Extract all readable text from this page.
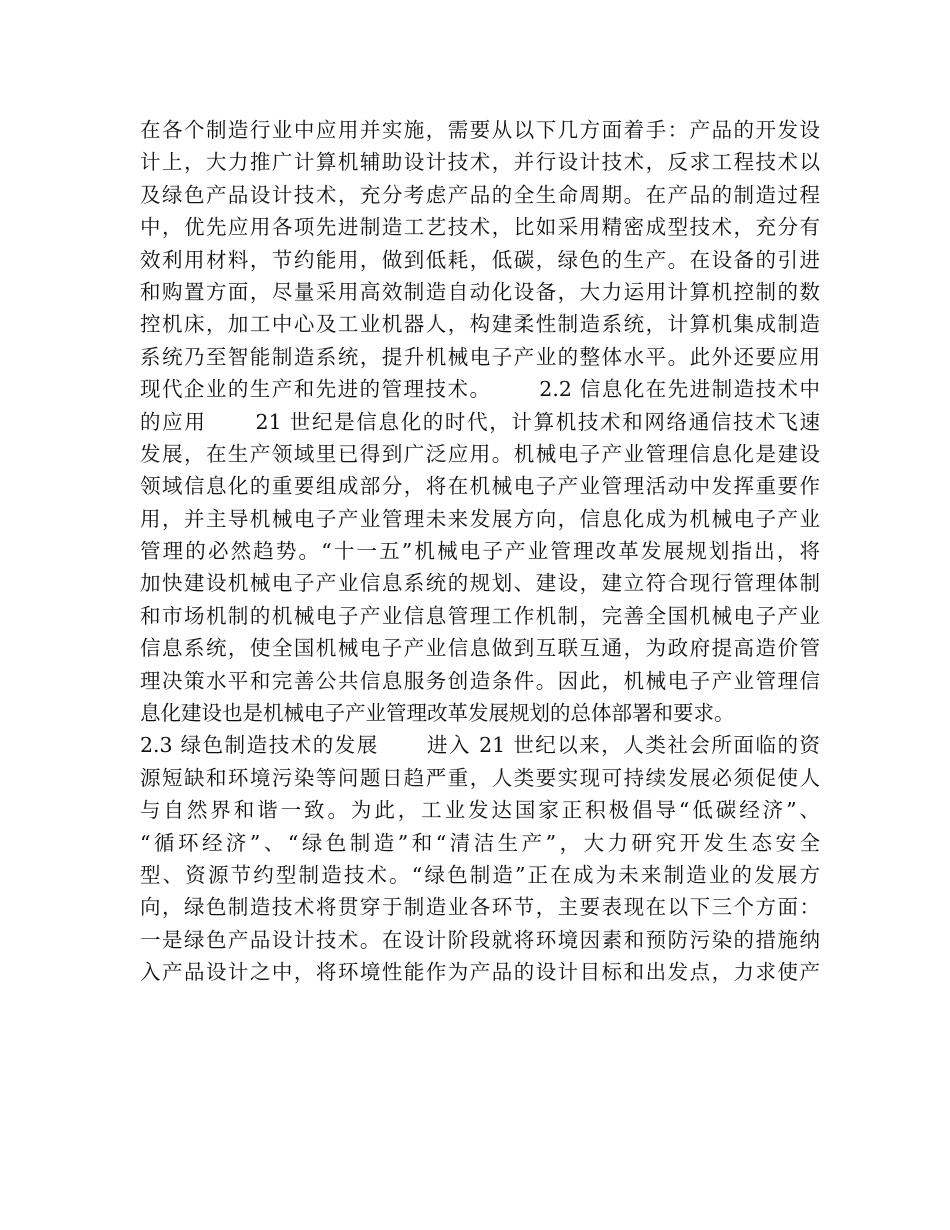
在各个制造行业中应用并实施，需要从以下几方面着手：产品的开发设
计上，大力推广计算机辅助设计技术，并行设计技术，反求工程技术以
及绿色产品设计技术，充分考虑产品的全生命周期。在产品的制造过程
中，优先应用各项先进制造工艺技术，比如采用精密成型技术，充分有
效利用材料，节约能用，做到低耗，低碳，绿色的生产。在设备的引进
和购置方面，尽量采用高效制造自动化设备，大力运用计算机控制的数
控机床，加工中心及工业机器人，构建柔性制造系统，计算机集成制造
系统乃至智能制造系统，提升机械电子产业的整体水平。此外还要应用
现代企业的生产和先进的管理技术。      2.2 信息化在先进制造技术中
的应用      21 世纪是信息化的时代，计算机技术和网络通信技术飞速
发展，在生产领域里已得到广泛应用。机械电子产业管理信息化是建设
领域信息化的重要组成部分，将在机械电子产业管理活动中发挥重要作
用，并主导机械电子产业管理未来发展方向，信息化成为机械电子产业
管理的必然趋势。“十一五”机械电子产业管理改革发展规划指出，将
加快建设机械电子产业信息系统的规划、建设，建立符合现行管理体制
和市场机制的机械电子产业信息管理工作机制，完善全国机械电子产业
信息系统，使全国机械电子产业信息做到互联互通，为政府提高造价管
理决策水平和完善公共信息服务创造条件。因此，机械电子产业管理信
息化建设也是机械电子产业管理改革发展规划的总体部署和要求。
2.3 绿色制造技术的发展      进入 21 世纪以来，人类社会所面临的资
源短缺和环境污染等问题日趋严重，人类要实现可持续发展必须促使人
与自然界和谐一致。为此，工业发达国家正积极倡导“低碳经济”、
“循环经济”、“绿色制造”和“清洁生产”，大力研究开发生态安全
型、资源节约型制造技术。“绿色制造”正在成为未来制造业的发展方
向，绿色制造技术将贯穿于制造业各环节，主要表现在以下三个方面：
一是绿色产品设计技术。在设计阶段就将环境因素和预防污染的措施纳
入产品设计之中，将环境性能作为产品的设计目标和出发点，力求使产
